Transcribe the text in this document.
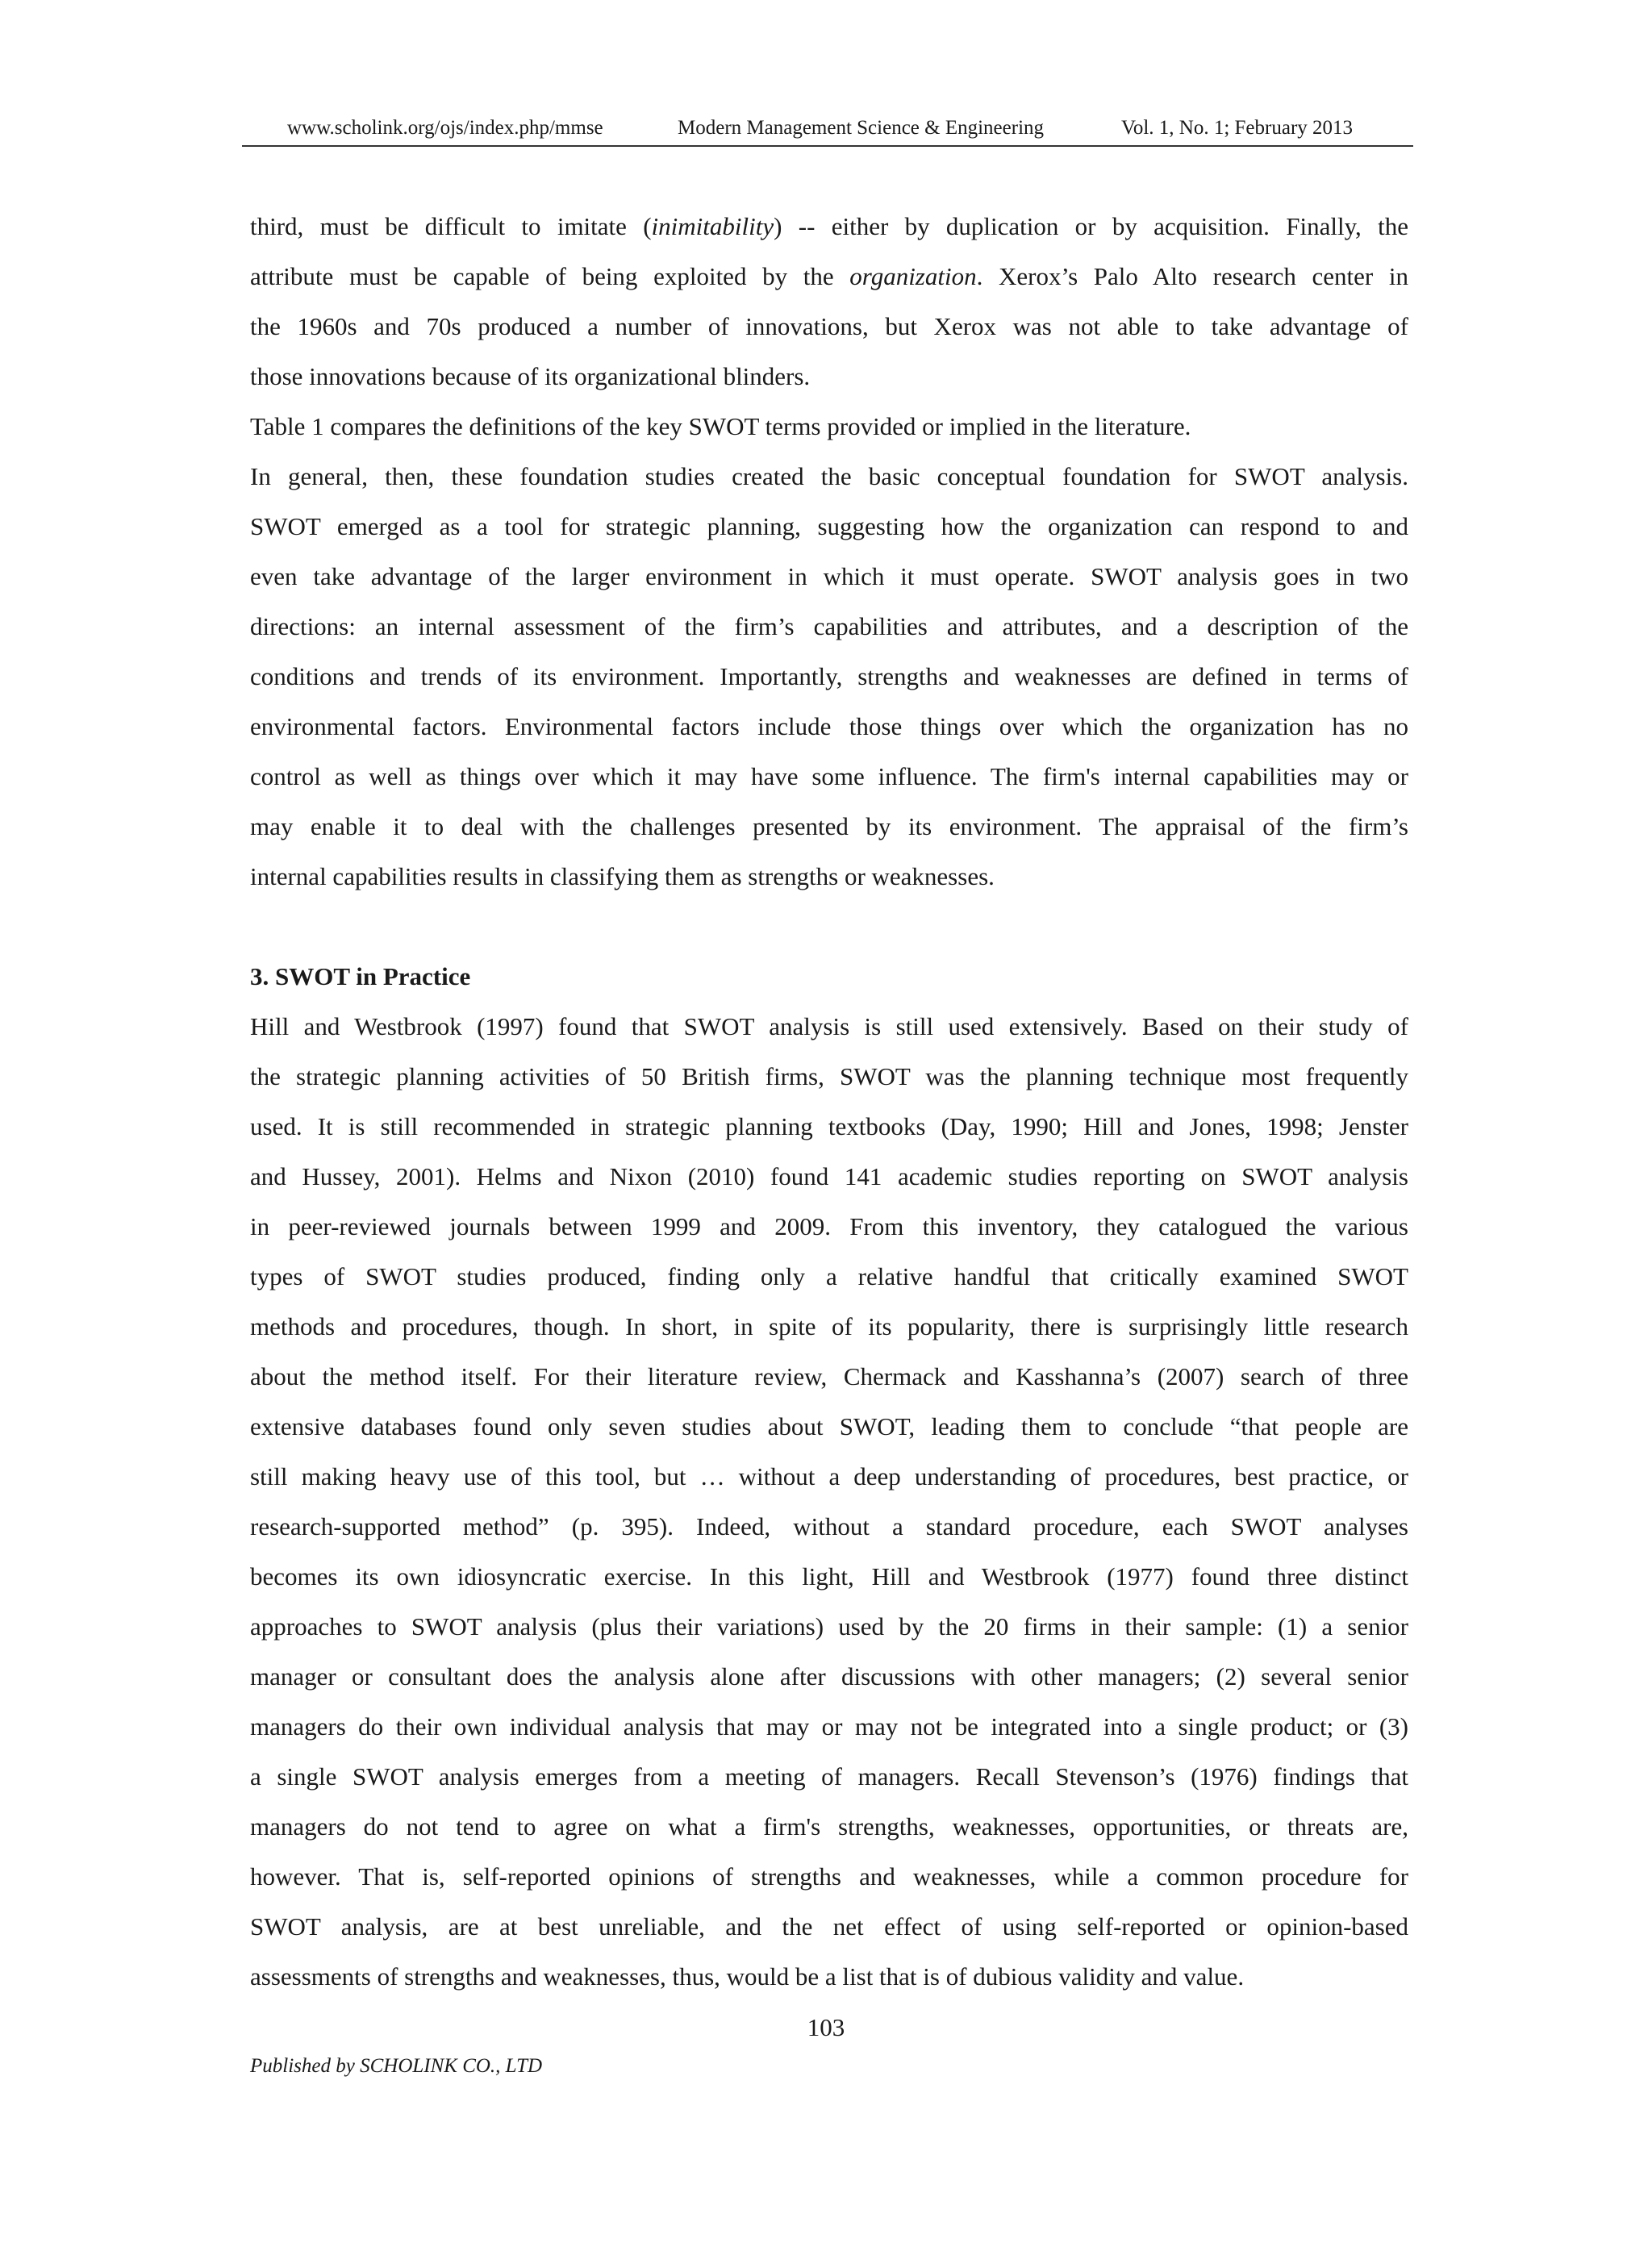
www.scholink.org/ojs/index.php/mmse	Modern Management Science & Engineering	Vol. 1, No. 1; February 2013
third, must be difficult to imitate (inimitability) -- either by duplication or by acquisition. Finally, the
attribute must be capable of being exploited by the organization. Xerox’s Palo Alto research center in
the 1960s and 70s produced a number of innovations, but Xerox was not able to take advantage of
those innovations because of its organizational blinders.
Table 1 compares the definitions of the key SWOT terms provided or implied in the literature.
In general, then, these foundation studies created the basic conceptual foundation for SWOT analysis.
SWOT emerged as a tool for strategic planning, suggesting how the organization can respond to and
even take advantage of the larger environment in which it must operate. SWOT analysis goes in two
directions: an internal assessment of the firm’s capabilities and attributes, and a description of the
conditions and trends of its environment. Importantly, strengths and weaknesses are defined in terms of
environmental factors. Environmental factors include those things over which the organization has no
control as well as things over which it may have some influence. The firm's internal capabilities may or
may enable it to deal with the challenges presented by its environment. The appraisal of the firm’s
internal capabilities results in classifying them as strengths or weaknesses.
3. SWOT in Practice
Hill and Westbrook (1997) found that SWOT analysis is still used extensively. Based on their study of
the strategic planning activities of 50 British firms, SWOT was the planning technique most frequently
used. It is still recommended in strategic planning textbooks (Day, 1990; Hill and Jones, 1998; Jenster
and Hussey, 2001). Helms and Nixon (2010) found 141 academic studies reporting on SWOT analysis
in peer-reviewed journals between 1999 and 2009. From this inventory, they catalogued the various
types of SWOT studies produced, finding only a relative handful that critically examined SWOT
methods and procedures, though. In short, in spite of its popularity, there is surprisingly little research
about the method itself. For their literature review, Chermack and Kasshanna’s (2007) search of three
extensive databases found only seven studies about SWOT, leading them to conclude “that people are
still making heavy use of this tool, but … without a deep understanding of procedures, best practice, or
research-supported method” (p. 395). Indeed, without a standard procedure, each SWOT analyses
becomes its own idiosyncratic exercise. In this light, Hill and Westbrook (1977) found three distinct
approaches to SWOT analysis (plus their variations) used by the 20 firms in their sample: (1) a senior
manager or consultant does the analysis alone after discussions with other managers; (2) several senior
managers do their own individual analysis that may or may not be integrated into a single product; or (3)
a single SWOT analysis emerges from a meeting of managers. Recall Stevenson’s (1976) findings that
managers do not tend to agree on what a firm's strengths, weaknesses, opportunities, or threats are,
however. That is, self-reported opinions of strengths and weaknesses, while a common procedure for
SWOT analysis, are at best unreliable, and the net effect of using self-reported or opinion-based
assessments of strengths and weaknesses, thus, would be a list that is of dubious validity and value.
103
Published by SCHOLINK CO., LTD
